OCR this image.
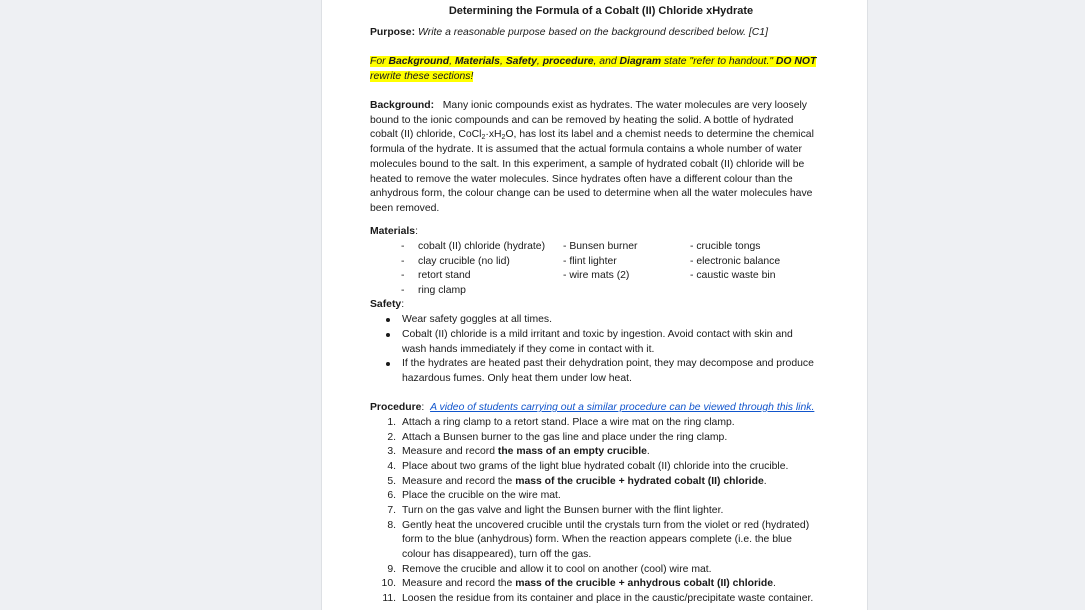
Determining the Formula of a Cobalt (II) Chloride xHydrate
Purpose: Write a reasonable purpose based on the background described below. [C1]
For Background, Materials, Safety, procedure, and Diagram state "refer to handout." DO NOT
rewrite these sections!
Background: Many ionic compounds exist as hydrates. The water molecules are very loosely
bound to the ionic compounds and can be removed by heating the solid. A bottle of hydrated
cobalt (II) chloride, $CoCl_2\cdot xH_2O$, has lost its label and a chemist needs to determine the chemical
formula of the hydrate. It is assumed that the actual formula contains a whole number of water
molecules bound to the salt. In this experiment, a sample of hydrated cobalt (II) chloride will be
heated to remove the water molecules. Since hydrates often have a different colour than the
anhydrous form, the colour change can be used to determine when all the water molecules have
been removed.
Materials:
- cobalt (II) chloride (hydrate) - Bunsen burner	- crucible tongs
- clay crucible (no lid)	- flint lighter	- electronic balance
- retort stand	- wire mats (2)	- caustic waste bin
- ring clamp
Safety:
Wear safety goggles at all times.
Cobalt (II) chloride is a mild irritant and toxic by ingestion. Avoid contact with skin and
wash hands immediately if they come in contact with it.
If the hydrates are heated past their dehydration point, they may decompose and produce
hazardous fumes. Only heat them under low heat.
Procedure: A video of students carrying out a similar procedure can be viewed through this link.
1. Attach a ring clamp to a retort stand. Place a wire mat on the ring clamp.
2. Attach a Bunsen burner to the gas line and place under the ring clamp.
3. Measure and record the mass of an empty crucible.
4. Place about two grams of the light blue hydrated cobalt (II) chloride into the crucible.
5. Measure and record the mass of the crucible + hydrated cobalt (II) chloride.
6. Place the crucible on the wire mat.
7. Turn on the gas valve and light the Bunsen burner with the flint lighter.
8. Gently heat the uncovered crucible until the crystals turn from the violet or red (hydrated)
form to the blue (anhydrous) form. When the reaction appears complete (i.e. the blue
colour has disappeared), turn off the gas.
9. Remove the crucible and allow it to cool on another (cool) wire mat.
10. Measure and record the mass of the crucible + anhydrous cobalt (II) chloride.
11. Loosen the residue from its container and place in the caustic/precipitate waste container.
